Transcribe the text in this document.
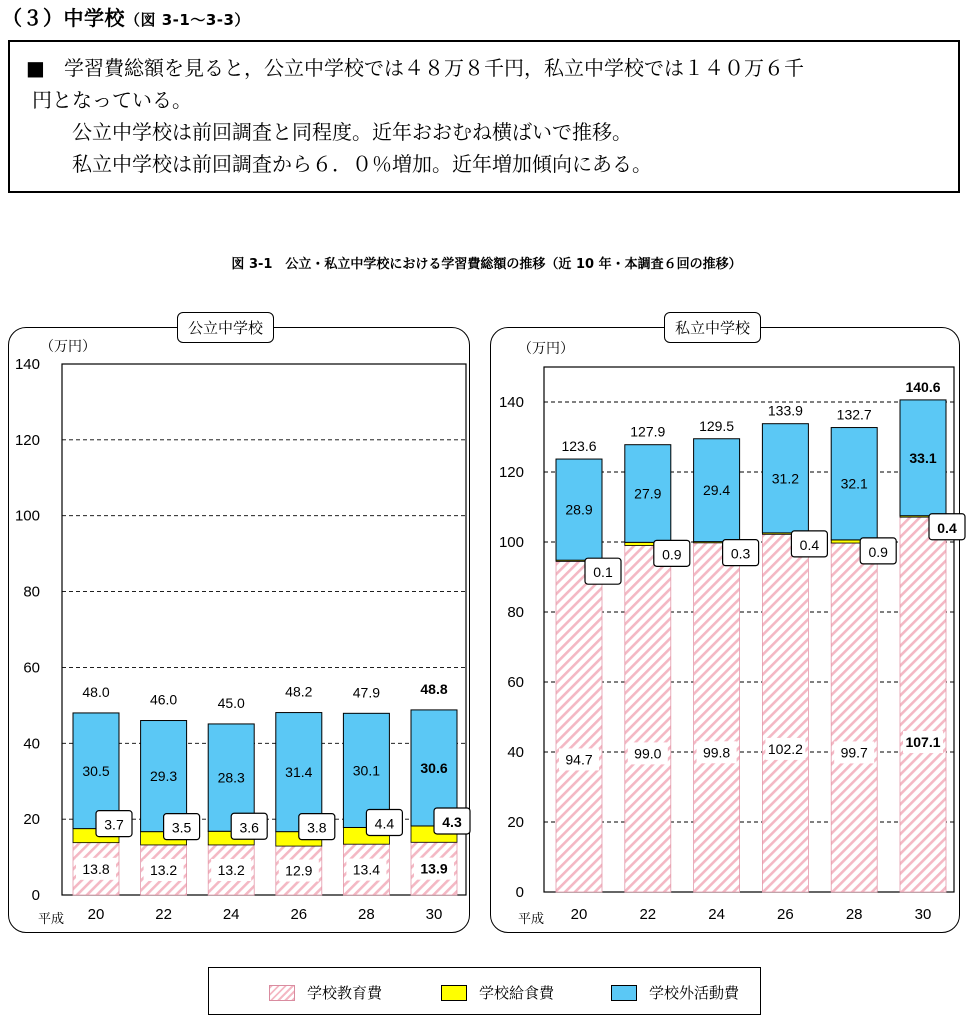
（３）中学校（図 3-1～3-3）

■ 学習費総額を見ると，公立中学校では４８万８千円，私立中学校では１４０万６千

円となっている。

公立中学校は前回調査と同程度。近年おおむね横ばいで推移。

私立中学校は前回調査から６．０％増加。近年増加傾向にある。

図 3-1　公立・私立中学校における学習費総額の推移（近 10 年・本調査６回の推移）
公立中学校	私立中学校
0
20
40
60
80
100
120
140
（万円）
13.8
3.7
30.5
48.0
20
13.2
3.5
29.3
46.0
22
13.2
3.6
28.3
45.0
24
12.9
3.8
31.4
48.2
26
13.4
4.4
30.1
47.9
28
13.9
4.3
30.6
48.8
30
平成
0
20
40
60
80
100
120
140
（万円）
94.7
0.1
28.9
123.6
20
99.0
0.9
27.9
127.9
22
99.8
0.3
29.4
129.5
24
102.2
0.4
31.2
133.9
26
99.7
0.9
32.1
132.7
28
107.1
0.4
33.1
140.6
30
平成
学校教育費	学校給食費	学校外活動費
